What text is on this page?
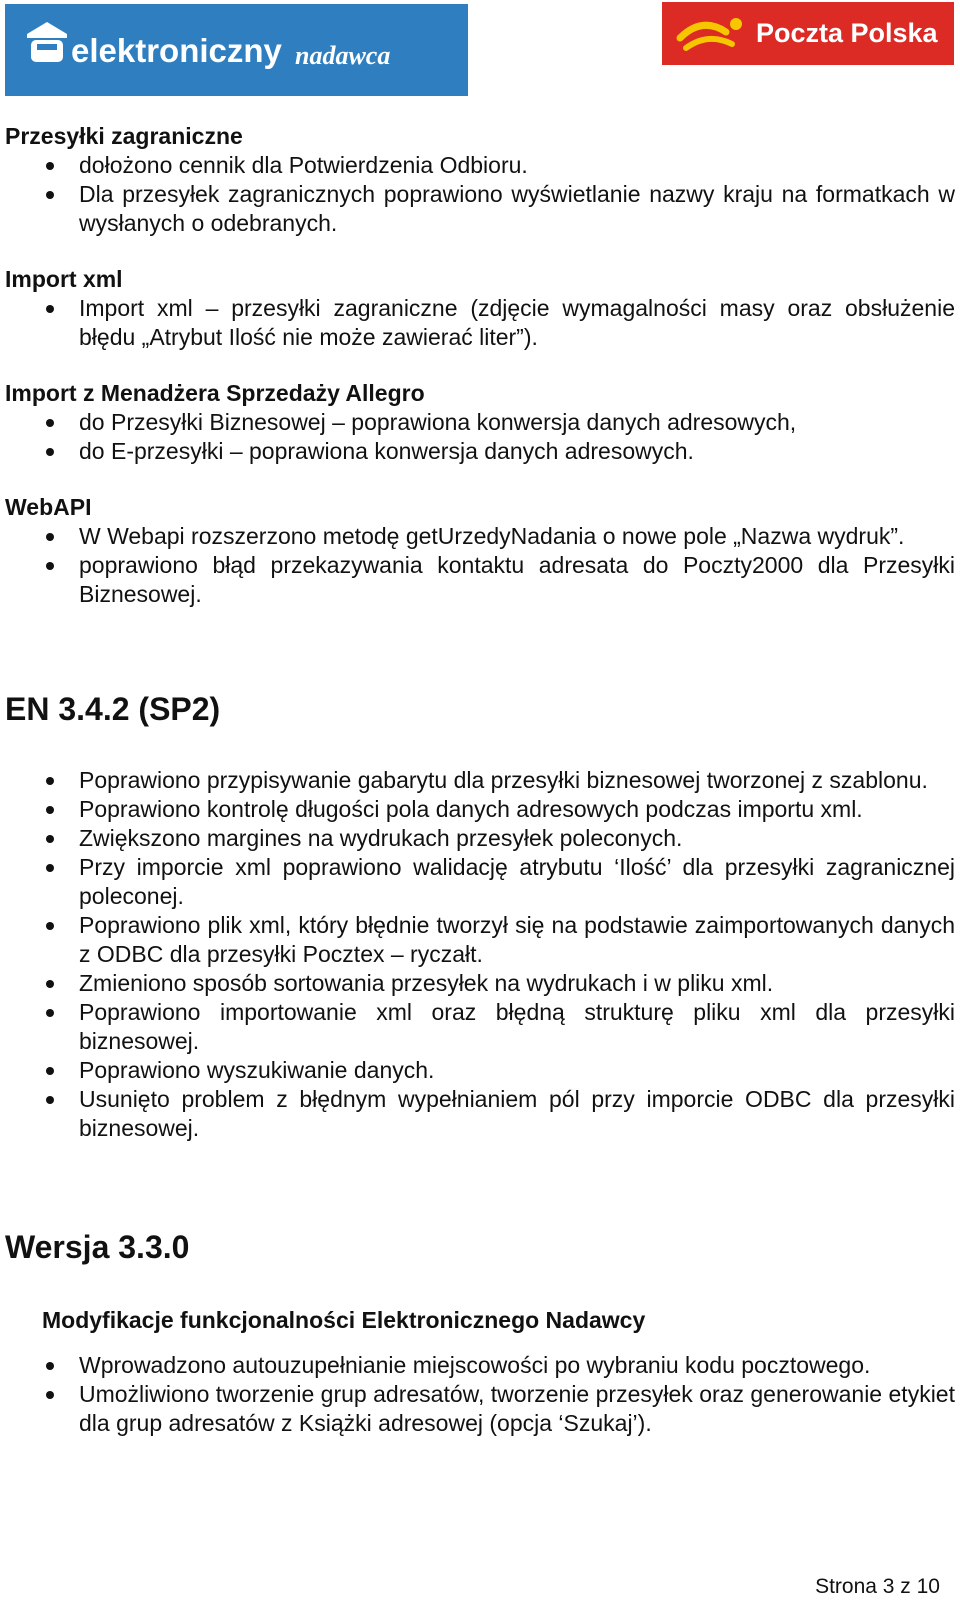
elektroniczny nadawca
Poczta Polska
Przesyłki zagraniczne
dołożono cennik dla Potwierdzenia Odbioru.
Dla przesyłek zagranicznych poprawiono wyświetlanie nazwy kraju na formatkach w wysłanych o odebranych.
Import xml
Import xml – przesyłki zagraniczne (zdjęcie wymagalności masy oraz obsłużenie błędu „Atrybut Ilość nie może zawierać liter”).
Import z Menadżera Sprzedaży Allegro
do Przesyłki Biznesowej – poprawiona konwersja danych adresowych,
do E-przesyłki – poprawiona konwersja danych adresowych.
WebAPI
W Webapi rozszerzono metodę getUrzedyNadania o nowe pole „Nazwa wydruk”.
poprawiono błąd przekazywania kontaktu adresata do Poczty2000 dla Przesyłki Biznesowej.
EN 3.4.2 (SP2)
Poprawiono przypisywanie gabarytu dla przesyłki biznesowej tworzonej z szablonu.
Poprawiono kontrolę długości pola danych adresowych podczas importu xml.
Zwiększono margines na wydrukach przesyłek poleconych.
Przy imporcie xml poprawiono walidację atrybutu ‘Ilość’ dla przesyłki zagranicznej poleconej.
Poprawiono plik xml, który błędnie tworzył się na podstawie zaimportowanych danych z ODBC dla przesyłki Pocztex – ryczałt.
Zmieniono sposób sortowania przesyłek na wydrukach i w pliku xml.
Poprawiono importowanie xml oraz błędną strukturę pliku xml dla przesyłki biznesowej.
Poprawiono wyszukiwanie danych.
Usunięto problem z błędnym wypełnianiem pól przy imporcie ODBC dla przesyłki biznesowej.
Wersja 3.3.0
Modyfikacje funkcjonalności Elektronicznego Nadawcy
Wprowadzono autouzupełnianie miejscowości po wybraniu kodu pocztowego.
Umożliwiono tworzenie grup adresatów, tworzenie przesyłek oraz generowanie etykiet dla grup adresatów z Książki adresowej (opcja ‘Szukaj’).
Strona 3 z 10
